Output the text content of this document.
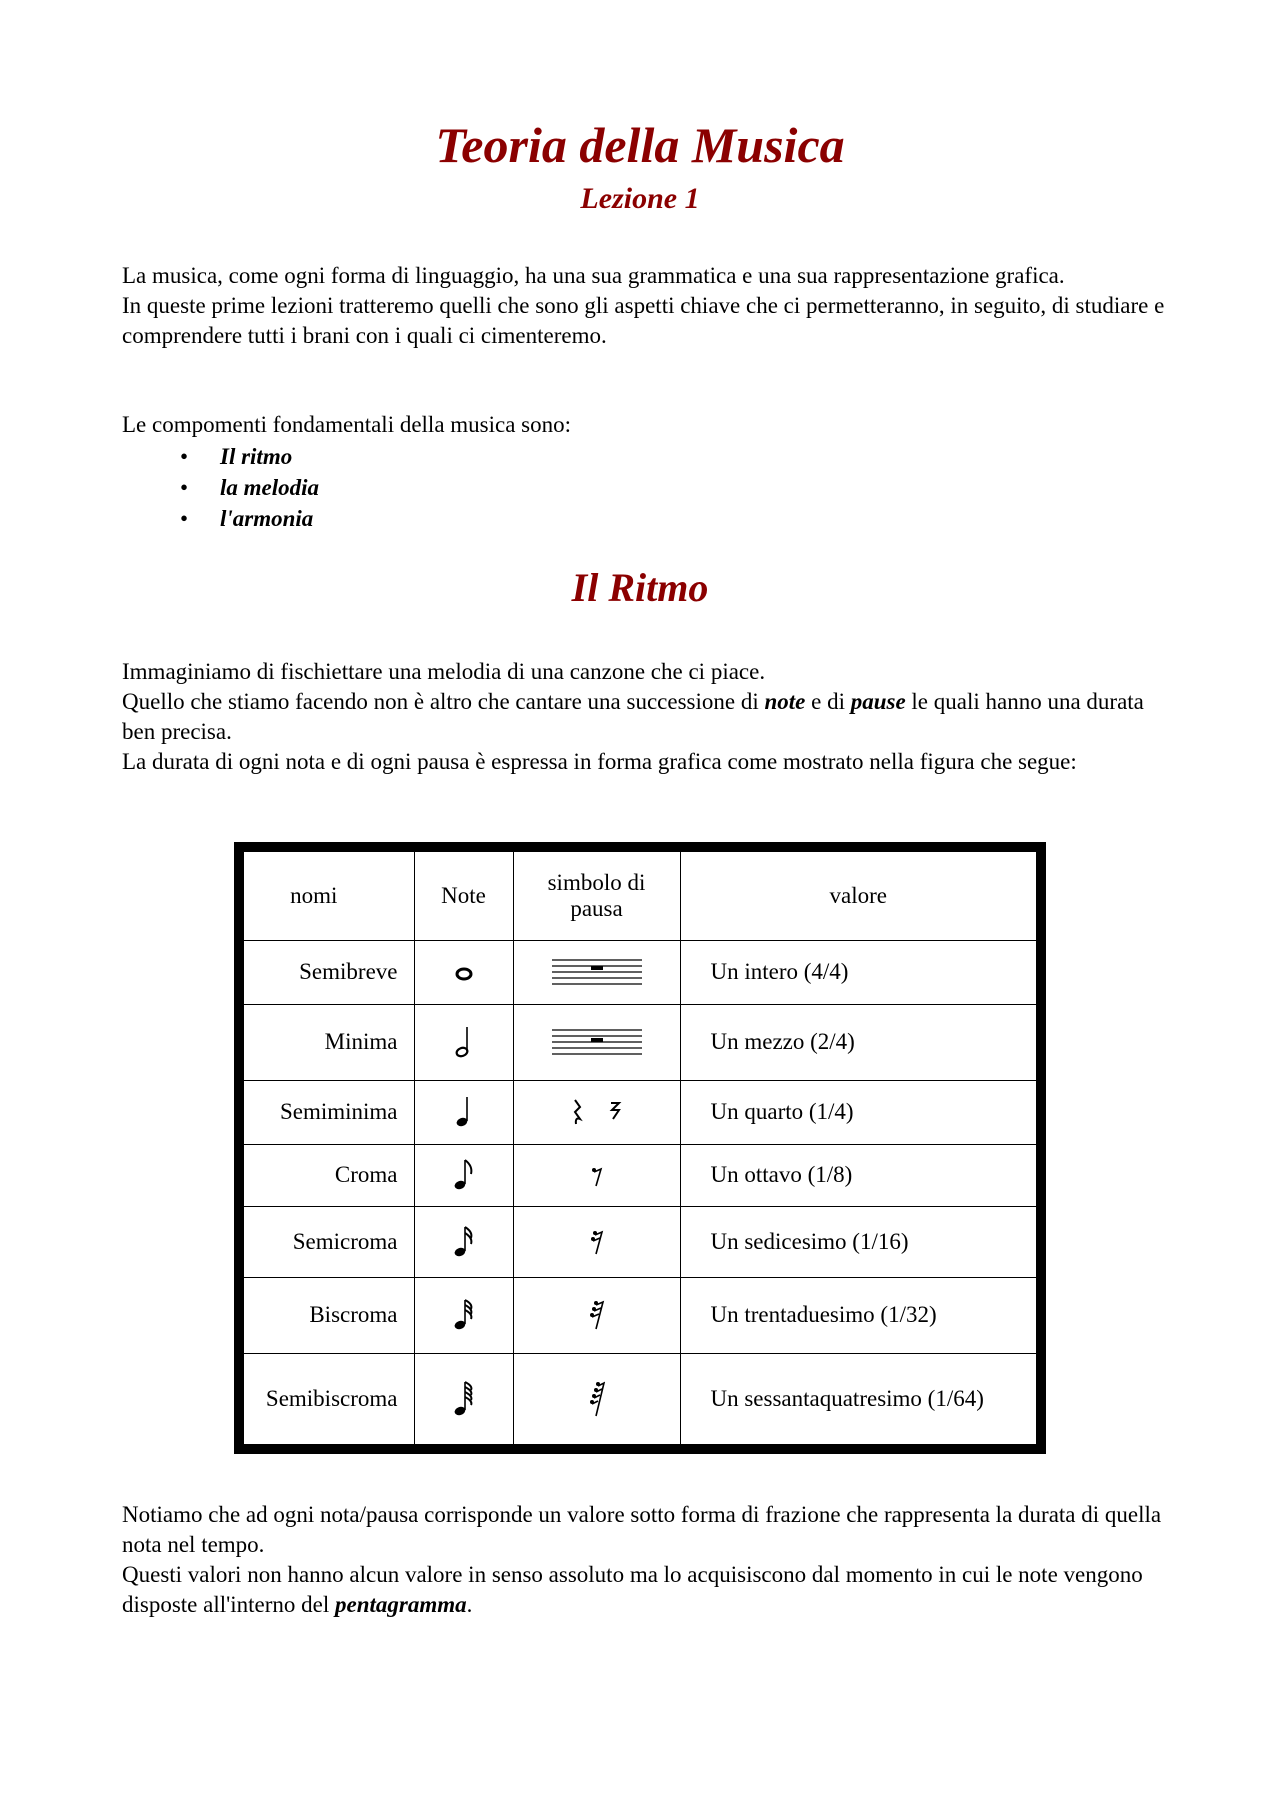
Teoria della Musica
Lezione 1
La musica, come ogni forma di linguaggio, ha una sua grammatica e una sua rappresentazione grafica.
In queste prime lezioni tratteremo quelli che sono gli aspetti chiave che ci permetteranno, in seguito, di studiare e comprendere tutti i brani con i quali ci cimenteremo.
Le compomenti fondamentali della musica sono:
• Il ritmo
• la melodia
• l'armonia
Il Ritmo
Immaginiamo di fischiettare una melodia di una canzone che ci piace.
Quello che stiamo facendo non è altro che cantare una successione di note e di pause le quali hanno una durata ben precisa.
La durata di ogni nota e di ogni pausa è espressa in forma grafica come mostrato nella figura che segue:
nomi	Note	simbolo di
pausa	valore
Semibreve			Un intero (4/4)
Minima			Un mezzo (2/4)
Semiminima			Un quarto (1/4)
Croma			Un ottavo (1/8)
Semicroma			Un sedicesimo (1/16)
Biscroma			Un trentaduesimo (1/32)
Semibiscroma			Un sessantaquatresimo (1/64)
Notiamo che ad ogni nota/pausa corrisponde un valore sotto forma di frazione che rappresenta la durata di quella nota nel tempo.
Questi valori non hanno alcun valore in senso assoluto ma lo acquisiscono dal momento in cui le note vengono disposte all'interno del pentagramma.
